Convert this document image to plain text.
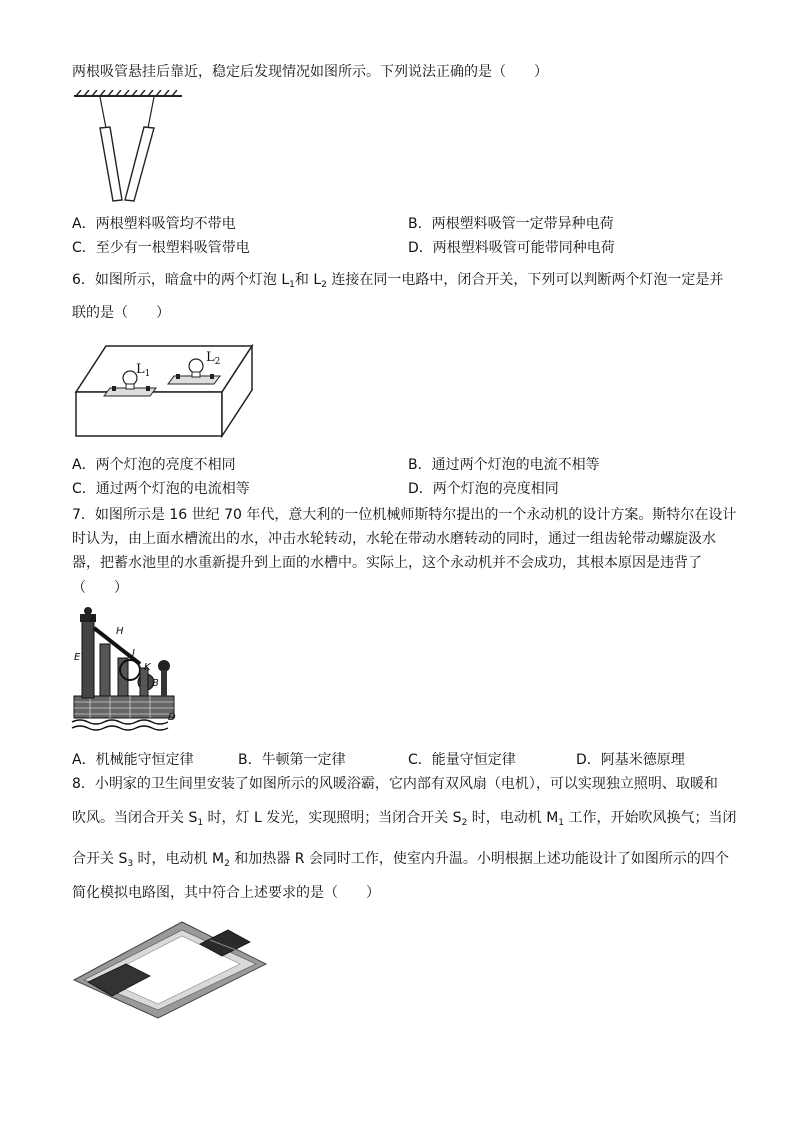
两根吸管悬挂后靠近，稳定后发现情况如图所示。下列说法正确的是（　　）
A．两根塑料吸管均不带电	B．两根塑料吸管一定带异种电荷
C．至少有一根塑料吸管带电	D．两根塑料吸管可能带同种电荷
6．如图所示，暗盒中的两个灯泡 $L_1$和 $L_2$ 连接在同一电路中，闭合开关，下列可以判断两个灯泡一定是并
联的是（　　）
$L_1$
$L_2$
A．两个灯泡的亮度不相同	B．通过两个灯泡的电流不相等
C．通过两个灯泡的电流相等	D．两个灯泡的亮度相同
7．如图所示是 16 世纪 70 年代，意大利的一位机械师斯特尔提出的一个永动机的设计方案。斯特尔在设计
时认为，由上面水槽流出的水，冲击水轮转动，水轮在带动水磨转动的同时，通过一组齿轮带动螺旋汲水
器，把蓄水池里的水重新提升到上面的水槽中。实际上，这个永动机并不会成功，其根本原因是违背了
（　　）
A
H
E	I
K
B
D
A．机械能守恒定律	B．牛顿第一定律	C．能量守恒定律	D．阿基米德原理
8．小明家的卫生间里安装了如图所示的风暖浴霸，它内部有双风扇（电机），可以实现独立照明、取暖和
吹风。当闭合开关 $S_1$ 时，灯 L 发光，实现照明；当闭合开关 $S_2$ 时，电动机 $M_1$ 工作，开始吹风换气；当闭
合开关 $S_3$ 时，电动机 $M_2$ 和加热器 R 会同时工作，使室内升温。小明根据上述功能设计了如图所示的四个
简化模拟电路图，其中符合上述要求的是（　　）
